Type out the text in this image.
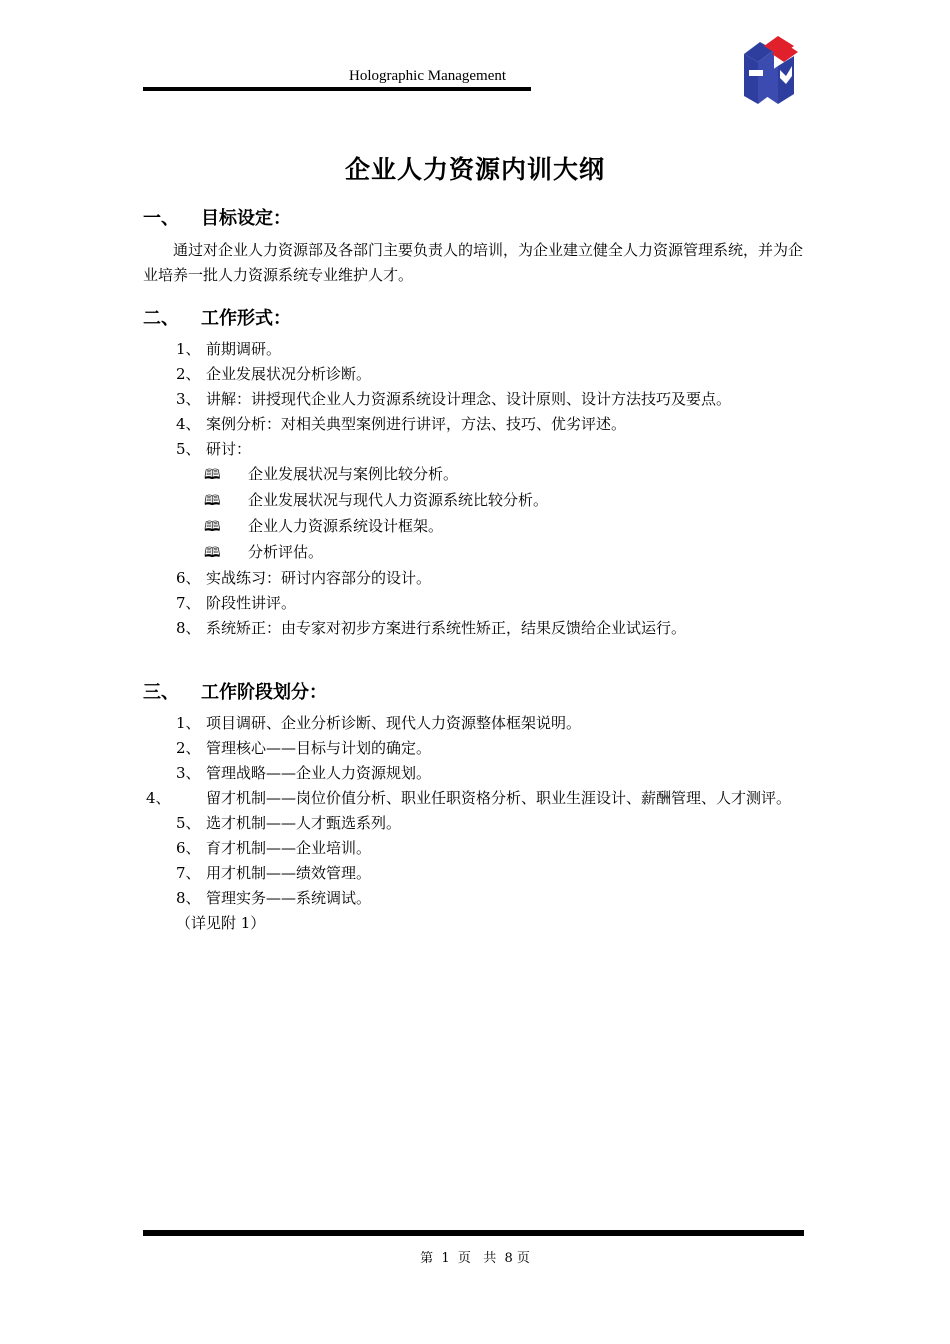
Holographic Management
企业人力资源内训大纲
一、 目标设定：
通过对企业人力资源部及各部门主要负责人的培训，为企业建立健全人力资源管理系统，并为企业培养一批人力资源系统专业维护人才。
二、 工作形式：
1、 前期调研。
2、 企业发展状况分析诊断。
3、 讲解：讲授现代企业人力资源系统设计理念、设计原则、设计方法技巧及要点。
4、 案例分析：对相关典型案例进行讲评，方法、技巧、优劣评述。
5、 研讨：
🕮 企业发展状况与案例比较分析。
🕮 企业发展状况与现代人力资源系统比较分析。
🕮 企业人力资源系统设计框架。
🕮 分析评估。
6、 实战练习：研讨内容部分的设计。
7、 阶段性讲评。
8、 系统矫正：由专家对初步方案进行系统性矫正，结果反馈给企业试运行。
三、 工作阶段划分：
1、 项目调研、企业分析诊断、现代人力资源整体框架说明。
2、 管理核心——目标与计划的确定。
3、 管理战略——企业人力资源规划。
4、 留才机制——岗位价值分析、职业任职资格分析、职业生涯设计、薪酬管理、人才测评。
5、 选才机制——人才甄选系列。
6、 育才机制——企业培训。
7、 用才机制——绩效管理。
8、 管理实务——系统调试。
（详见附 1）
第  1  页   共  8 页
